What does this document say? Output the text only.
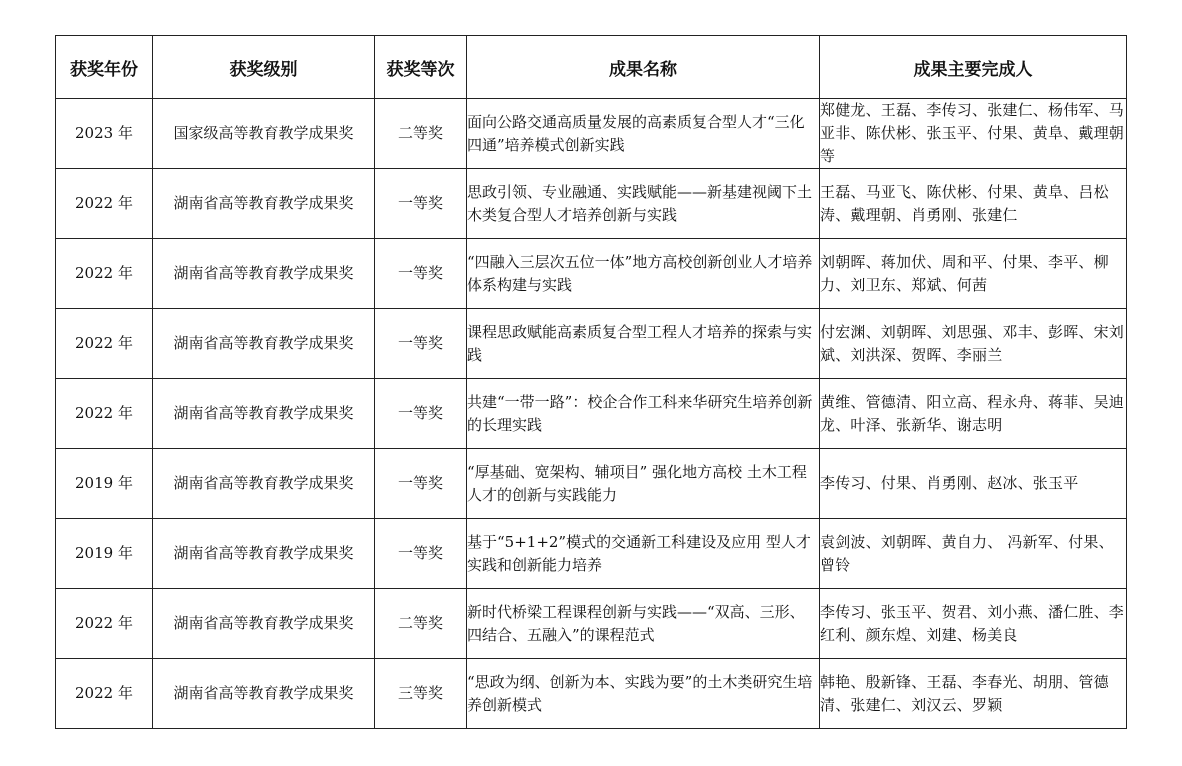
获奖年份	获奖级别	获奖等次	成果名称	成果主要完成人
2023 年	国家级高等教育教学成果奖	二等奖	面向公路交通高质量发展的高素质复合型人才“三化四通”培养模式创新实践	郑健龙、王磊、李传习、张建仁、杨伟军、马亚非、陈伏彬、张玉平、付果、黄阜、戴理朝等
2022 年	湖南省高等教育教学成果奖	一等奖	思政引领、专业融通、实践赋能——新基建视阈下土木类复合型人才培养创新与实践	王磊、马亚飞、陈伏彬、付果、黄阜、吕松涛、戴理朝、肖勇刚、张建仁
2022 年	湖南省高等教育教学成果奖	一等奖	“四融入三层次五位一体”地方高校创新创业人才培养体系构建与实践	刘朝晖、蒋加伏、周和平、付果、李平、柳力、刘卫东、郑斌、何茜
2022 年	湖南省高等教育教学成果奖	一等奖	课程思政赋能高素质复合型工程人才培养的探索与实践	付宏渊、刘朝晖、刘思强、邓丰、彭晖、宋刘斌、刘洪深、贺晖、李丽兰
2022 年	湖南省高等教育教学成果奖	一等奖	共建“一带一路”：校企合作工科来华研究生培养创新的长理实践	黄维、管德清、阳立高、程永舟、蒋菲、吴迪龙、叶泽、张新华、谢志明
2019 年	湖南省高等教育教学成果奖	一等奖	“厚基础、宽架构、辅项目” 强化地方高校 土木工程人才的创新与实践能力	李传习、付果、肖勇刚、赵冰、张玉平
2019 年	湖南省高等教育教学成果奖	一等奖	基于“5+1+2”模式的交通新工科建设及应用 型人才实践和创新能力培养	袁剑波、刘朝晖、黄自力、 冯新军、付果、曾铃
2022 年	湖南省高等教育教学成果奖	二等奖	新时代桥梁工程课程创新与实践——“双高、三形、四结合、五融入”的课程范式	李传习、张玉平、贺君、刘小燕、潘仁胜、李红利、颜东煌、刘建、杨美良
2022 年	湖南省高等教育教学成果奖	三等奖	“思政为纲、创新为本、实践为要”的土木类研究生培养创新模式	韩艳、殷新锋、王磊、李春光、胡朋、管德清、张建仁、刘汉云、罗颖
